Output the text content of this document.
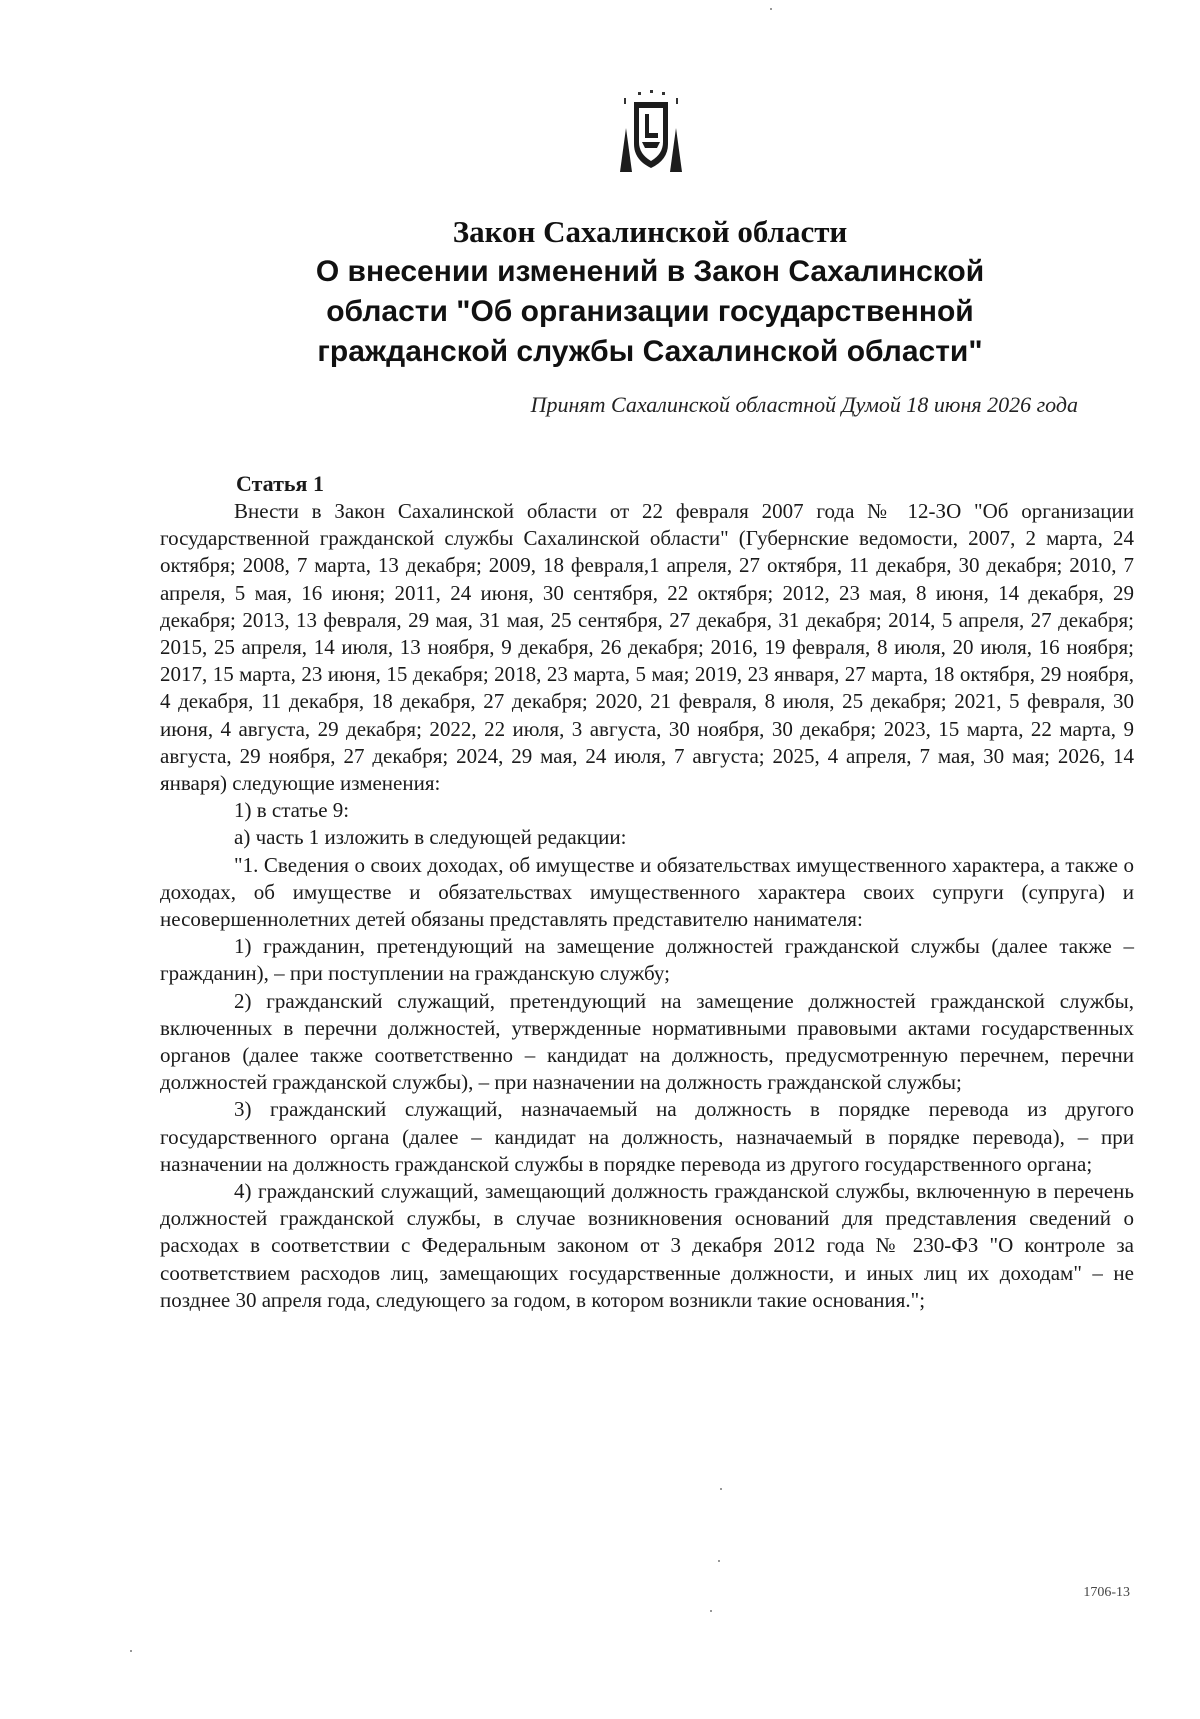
Закон Сахалинской области
О внесении изменений в Закон Сахалинской
области "Об организации государственной
гражданской службы Сахалинской области"
Принят Сахалинской областной Думой 18 июня 2026 года
Статья 1

Внести в Закон Сахалинской области от 22 февраля 2007 года № 12-ЗО "Об организации государственной гражданской службы Сахалинской области" (Губернские ведомости, 2007, 2 марта, 24 октября; 2008, 7 марта, 13 декабря; 2009, 18 февраля,1 апреля, 27 октября, 11 декабря, 30 декабря; 2010, 7 апреля, 5 мая, 16 июня; 2011, 24 июня, 30 сентября, 22 октября; 2012, 23 мая, 8 июня, 14 декабря, 29 декабря; 2013, 13 февраля, 29 мая, 31 мая, 25 сентября, 27 декабря, 31 декабря; 2014, 5 апреля, 27 декабря; 2015, 25 апреля, 14 июля, 13 ноября, 9 декабря, 26 декабря; 2016, 19 февраля, 8 июля, 20 июля, 16 ноября; 2017, 15 марта, 23 июня, 15 декабря; 2018, 23 марта, 5 мая; 2019, 23 января, 27 марта, 18 октября, 29 ноября, 4 декабря, 11 декабря, 18 декабря, 27 декабря; 2020, 21 февраля, 8 июля, 25 декабря; 2021, 5 февраля, 30 июня, 4 августа, 29 декабря; 2022, 22 июля, 3 августа, 30 ноября, 30 декабря; 2023, 15 марта, 22 марта, 9 августа, 29 ноября, 27 декабря; 2024, 29 мая, 24 июля, 7 августа; 2025, 4 апреля, 7 мая, 30 мая; 2026, 14 января) следующие изменения:

1) в статье 9:

а) часть 1 изложить в следующей редакции:

"1. Сведения о своих доходах, об имуществе и обязательствах имущественного характера, а также о доходах, об имуществе и обязательствах имущественного характера своих супруги (супруга) и несовершеннолетних детей обязаны представлять представителю нанимателя:

1) гражданин, претендующий на замещение должностей гражданской службы (далее также – гражданин), – при поступлении на гражданскую службу;

2) гражданский служащий, претендующий на замещение должностей гражданской службы, включенных в перечни должностей, утвержденные нормативными правовыми актами государственных органов (далее также соответственно – кандидат на должность, предусмотренную перечнем, перечни должностей гражданской службы), – при назначении на должность гражданской службы;

3) гражданский служащий, назначаемый на должность в порядке перевода из другого государственного органа (далее – кандидат на должность, назначаемый в порядке перевода), – при назначении на должность гражданской службы в порядке перевода из другого государственного органа;

4) гражданский служащий, замещающий должность гражданской службы, включенную в перечень должностей гражданской службы, в случае возникновения оснований для представления сведений о расходах в соответствии с Федеральным законом от 3 декабря 2012 года № 230-ФЗ "О контроле за соответствием расходов лиц, замещающих государственные должности, и иных лиц их доходам" – не позднее 30 апреля года, следующего за годом, в котором возникли такие основания.";

1706-13
